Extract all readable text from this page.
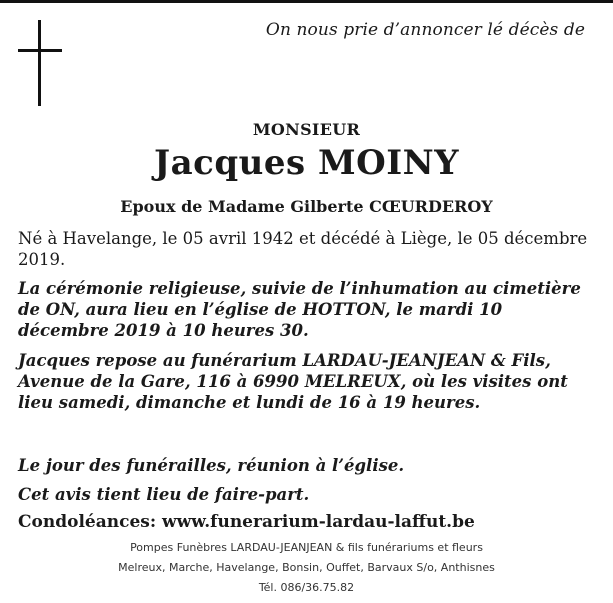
On nous prie d’annoncer lé décès de
MONSIEUR
Jacques MOINY
Epoux de Madame Gilberte CŒURDEROY
Né à Havelange, le 05 avril 1942 et décédé à Liège, le 05 décembre 2019.
La cérémonie religieuse, suivie de l’inhumation au cimetière de ON, aura lieu en l’église de HOTTON, le mardi 10 décembre 2019 à 10 heures 30.
Jacques repose au funérarium LARDAU-JEANJEAN & Fils, Avenue de la Gare, 116 à 6990 MELREUX, où les visites ont lieu samedi, dimanche et lundi de 16 à 19 heures.
Le jour des funérailles, réunion à l’église.
Cet avis tient lieu de faire-part.
Condoléances: www.funerarium-lardau-laffut.be
Pompes Funèbres LARDAU-JEANJEAN & fils funérariums et fleurs
Melreux, Marche, Havelange, Bonsin, Ouffet, Barvaux S/o, Anthisnes
Tél. 086/36.75.82
